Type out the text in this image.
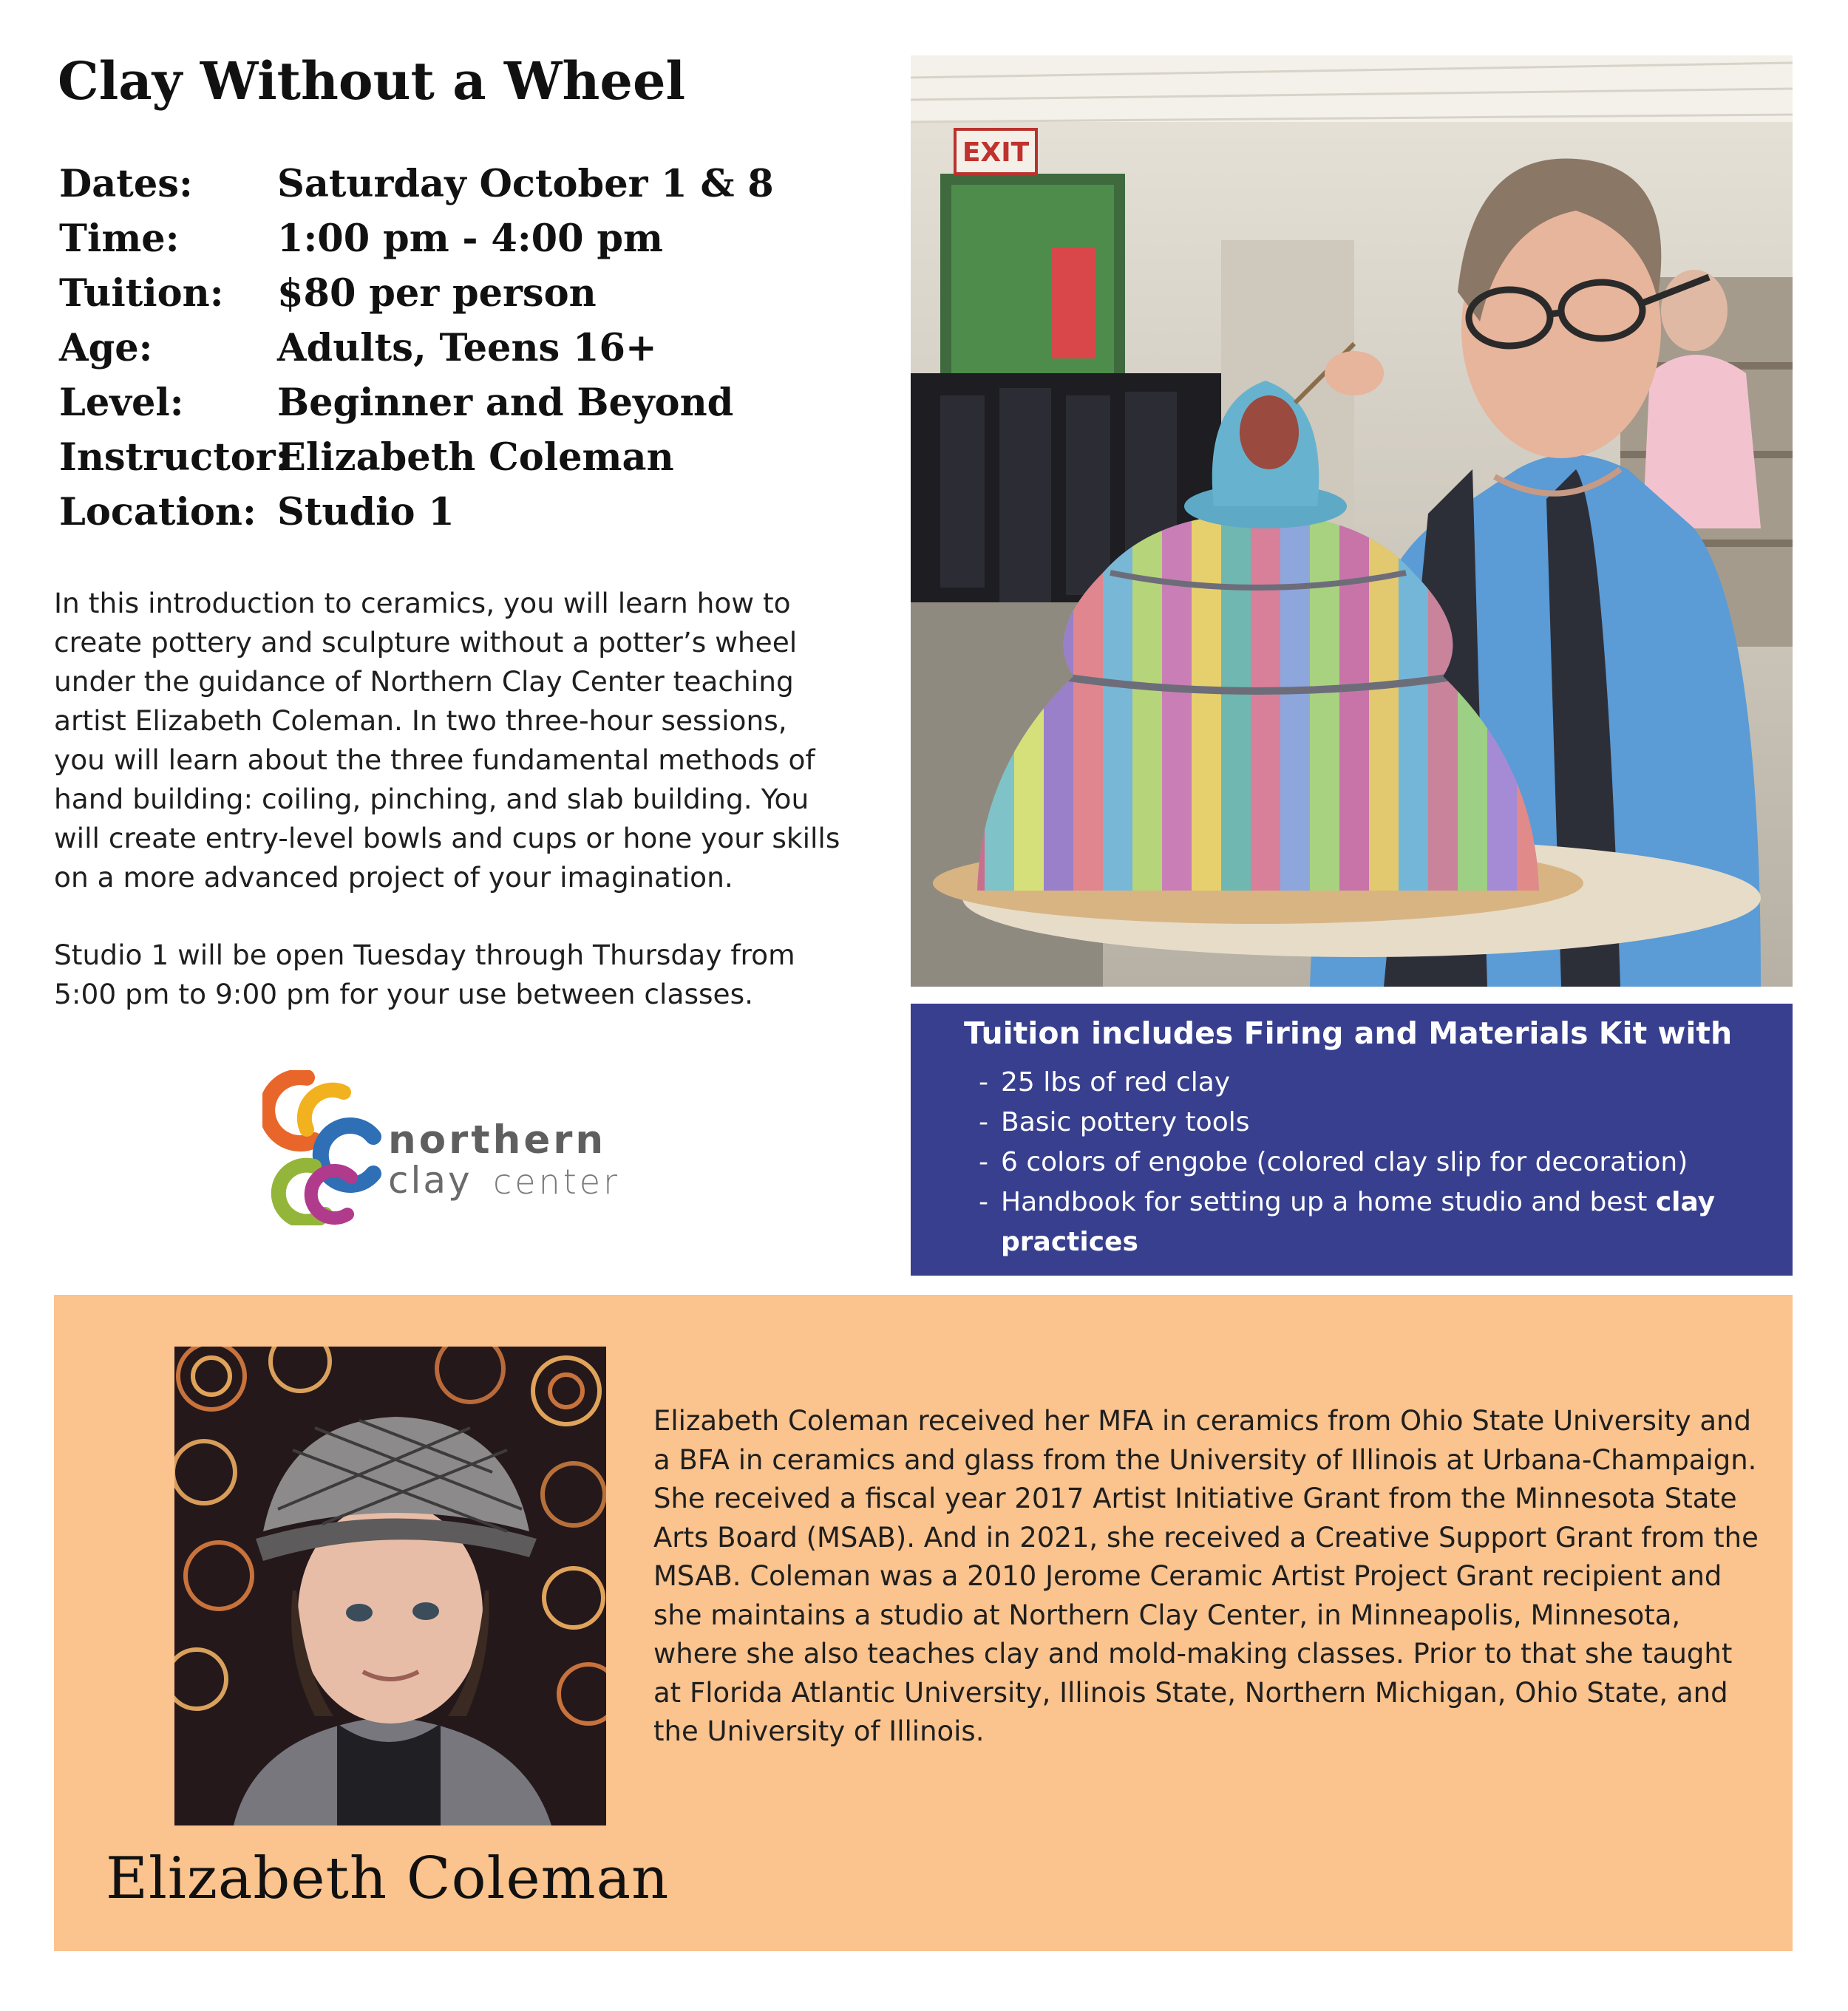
Clay Without a Wheel
Dates:	Saturday October 1 & 8
Time:	1:00 pm - 4:00 pm
Tuition:	$80 per person
Age:	Adults, Teens 16+
Level:	Beginner and Beyond
Instructor:
Elizabeth Coleman
Location: Studio 1

In this introduction to ceramics, you will learn how to create pottery and sculpture without a potter’s wheel under the guidance of Northern Clay Center teaching artist Elizabeth Coleman. In two three-hour sessions, you will learn about the three fundamental methods of hand building: coiling, pinching, and slab building. You will create entry-level bowls and cups or hone your skills on a more advanced project of your imagination.

Studio 1 will be open Tuesday through Thursday from 5:00 pm to 9:00 pm for your use between classes.

northern
clay center
EXIT
Tuition includes Firing and Materials Kit with
- 25 lbs of red clay
- Basic pottery tools
- 6 colors of engobe (colored clay slip for decoration)
- Handbook for setting up a home studio and best clay practices
Elizabeth Coleman received her MFA in ceramics from Ohio State University and a BFA in ceramics and glass from the University of Illinois at Urbana-Champaign. She received a fiscal year 2017 Artist Initiative Grant from the Minnesota State Arts Board (MSAB). And in 2021, she received a Creative Support Grant from the MSAB. Coleman was a 2010 Jerome Ceramic Artist Project Grant recipient and she maintains a studio at Northern Clay Center, in Minneapolis, Minnesota, where she also teaches clay and mold-making classes. Prior to that she taught at Florida Atlantic University, Illinois State, Northern Michigan, Ohio State, and the University of Illinois.
Elizabeth Coleman
